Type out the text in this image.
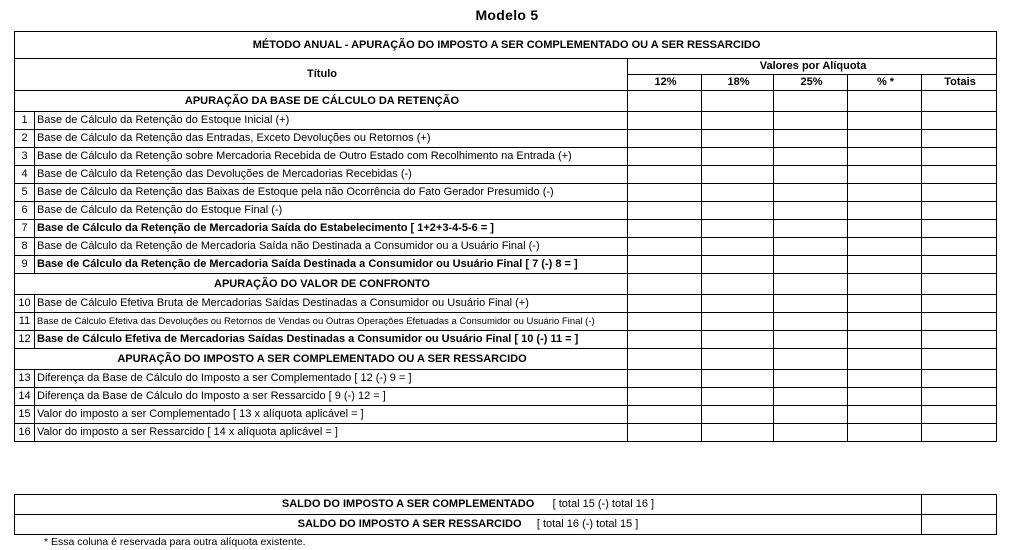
Modelo 5
MÉTODO ANUAL - APURAÇÃO DO IMPOSTO A SER COMPLEMENTADO OU A SER RESSARCIDO						
Título		Valores por Alíquota				
		12%	18%	25%	% *	Totais
APURAÇÃO DA BASE DE CÁLCULO DA RETENÇÃO						
1	Base de Cálculo da Retenção do Estoque Inicial (+)					
2	Base de Cálculo da Retenção das Entradas, Exceto Devoluções ou Retornos (+)					
3	Base de Cálculo da Retenção sobre Mercadoria Recebida de Outro Estado com Recolhimento na Entrada (+)					
4	Base de Cálculo da Retenção das Devoluções de Mercadorias Recebidas (-)					
5	Base de Cálculo da Retenção das Baixas de Estoque pela não Ocorrência do Fato Gerador Presumido (-)					
6	Base de Cálculo da Retenção do Estoque Final (-)					
7	Base de Cálculo da Retenção de Mercadoria Saída do Estabelecimento [ 1+2+3-4-5-6 = ]					
8	Base de Cálculo da Retenção de Mercadoria Saída não Destinada a Consumidor ou a Usuário Final (-)					
9	Base de Cálculo da Retenção de Mercadoria Saída Destinada a Consumidor ou Usuário Final [ 7 (-) 8 = ]					
APURAÇÃO DO VALOR DE CONFRONTO						
10	Base de Cálculo Efetiva Bruta de Mercadorias Saídas Destinadas a Consumidor ou Usuário Final (+)					
11	Base de Cálculo Efetiva das Devoluções ou Retornos de Vendas ou Outras Operações Efetuadas a Consumidor ou Usuário Final (-)					
12	Base de Cálculo Efetiva de Mercadorias Saídas Destinadas a Consumidor ou Usuário Final [ 10 (-) 11 = ]					
APURAÇÃO DO IMPOSTO A SER COMPLEMENTADO OU A SER RESSARCIDO						
13	Diferença da Base de Cálculo do Imposto a ser Complementado [ 12 (-) 9 = ]					
14	Diferença da Base de Cálculo do Imposto a ser Ressarcido [ 9 (-) 12 = ]					
15	Valor do imposto a ser Complementado [ 13 x alíquota aplicável = ]					
16	Valor do imposto a ser Ressarcido [ 14 x alíquota aplicável = ]					
SALDO DO IMPOSTO A SER COMPLEMENTADO [ total 15 (-) total 16 ]	
SALDO DO IMPOSTO A SER RESSARCIDO [ total 16 (-) total 15 ]	
* Essa coluna é reservada para outra alíquota existente.
